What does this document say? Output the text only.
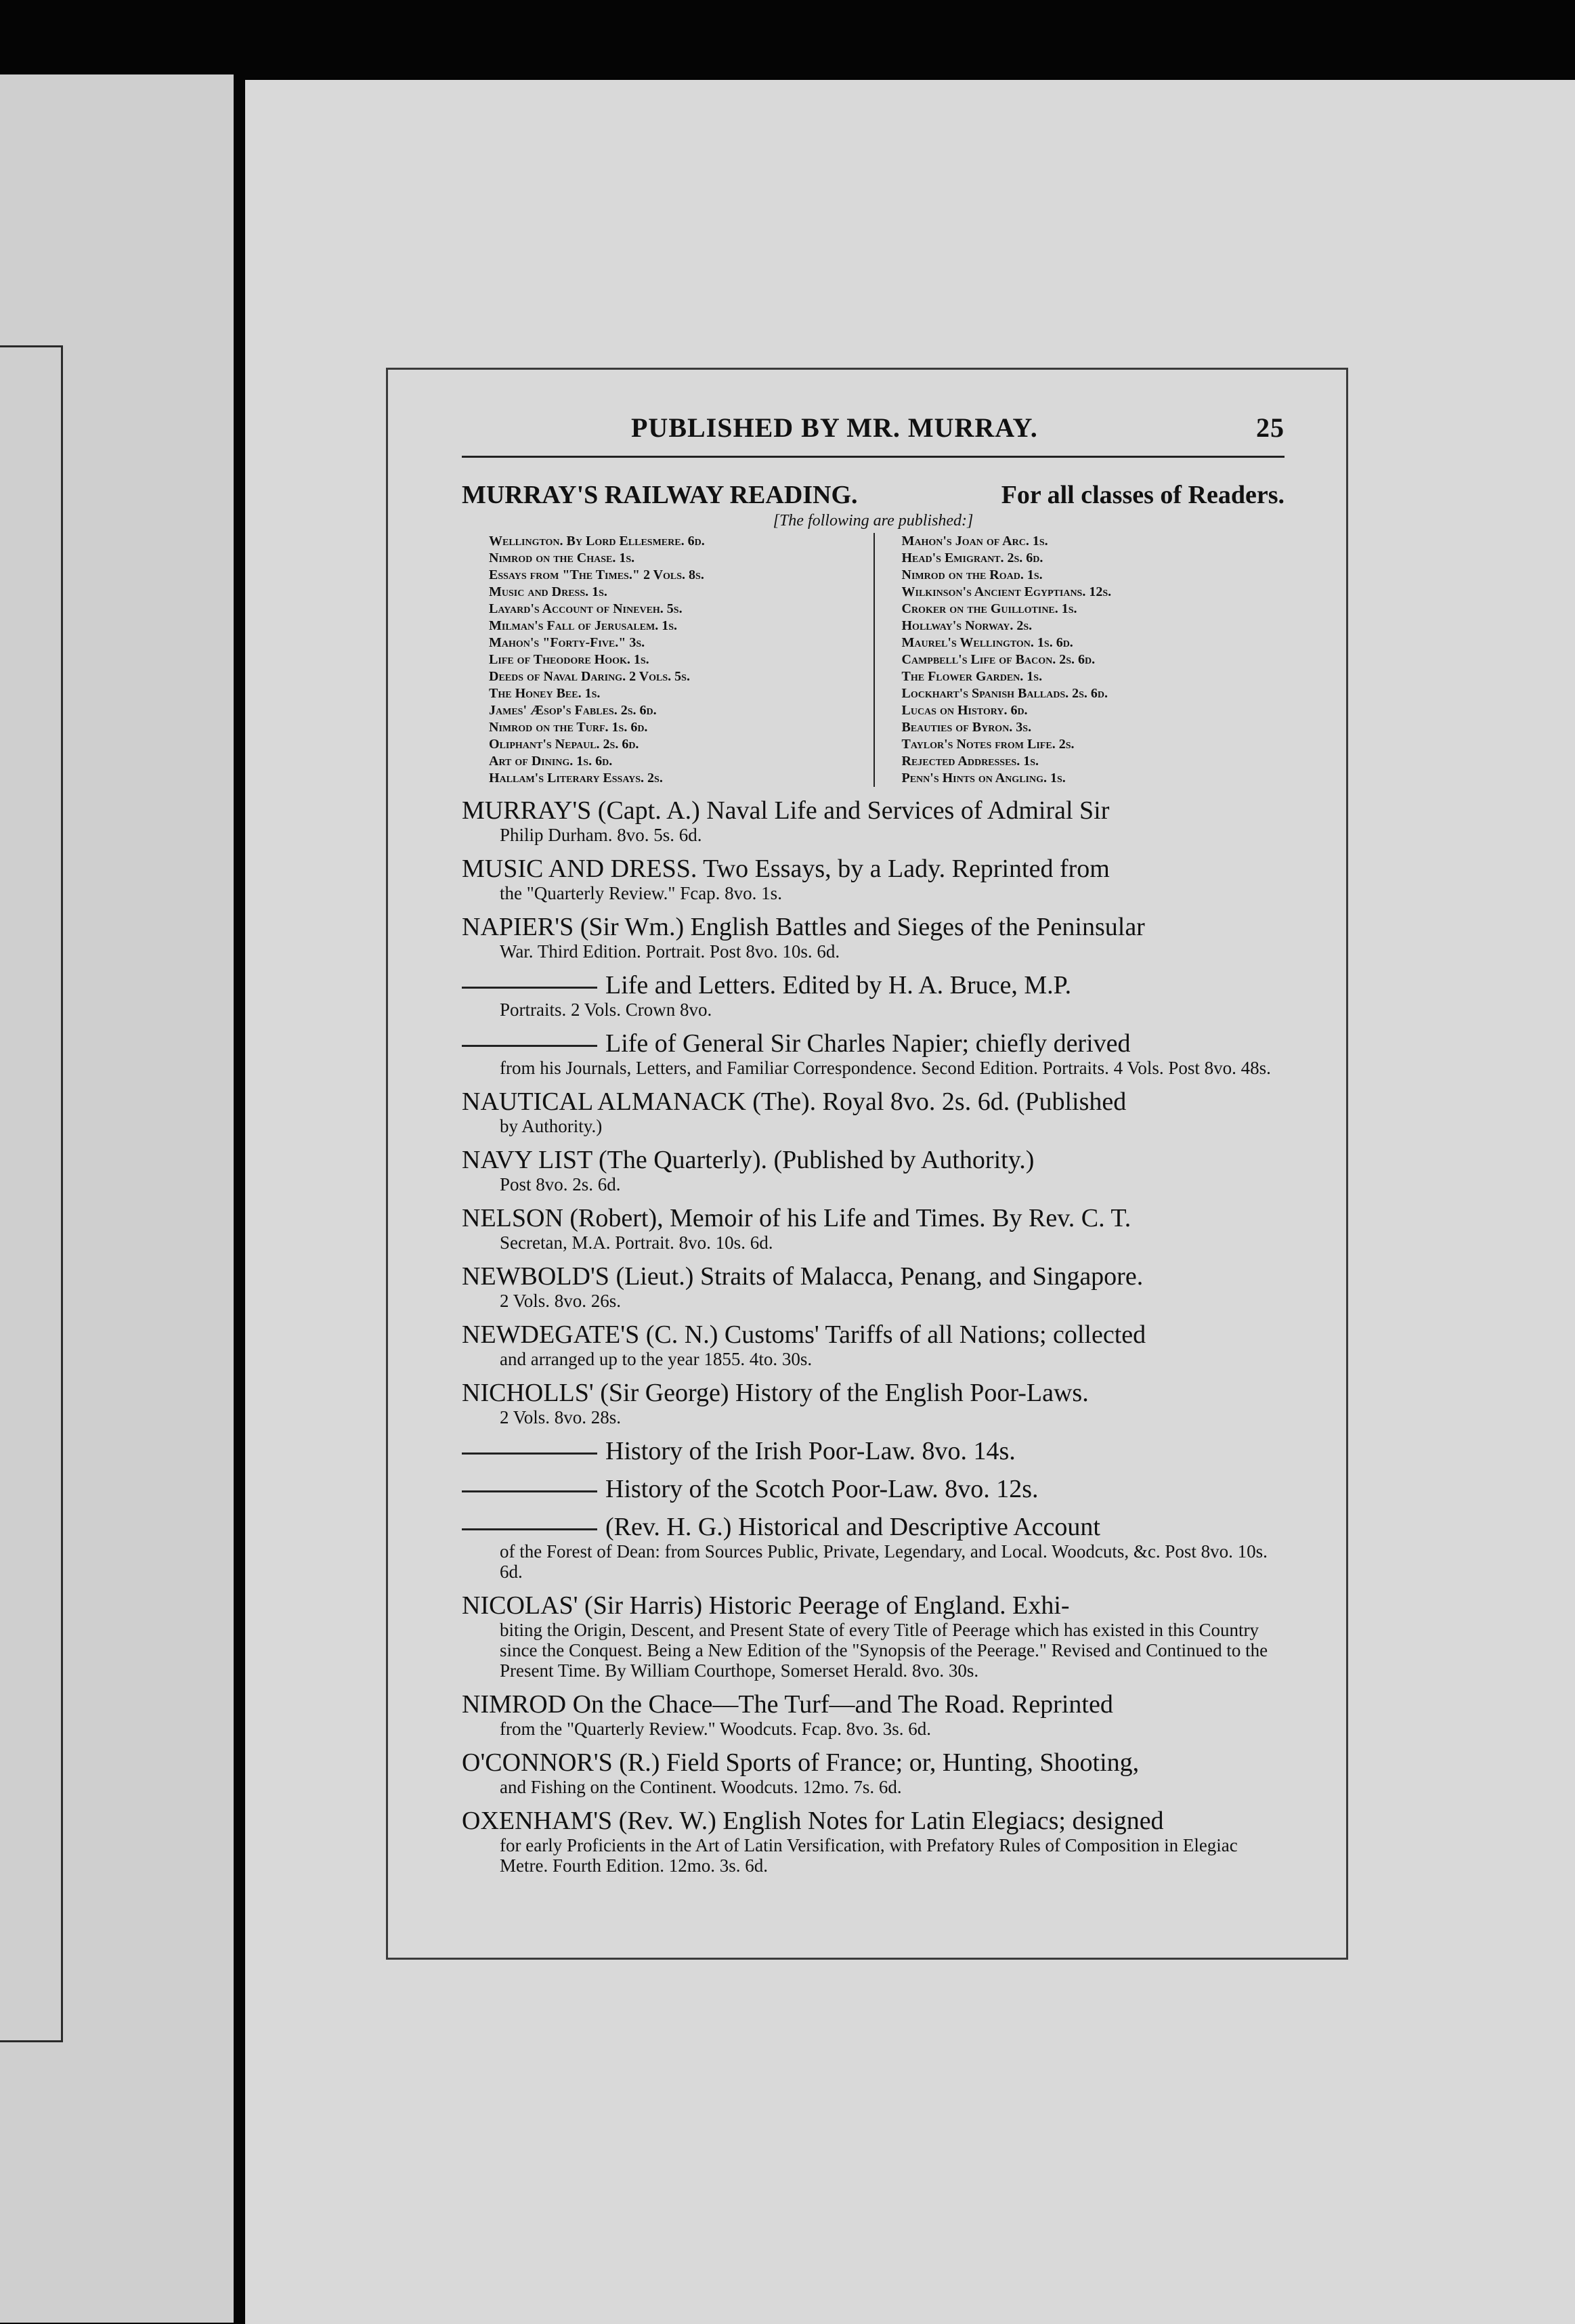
PUBLISHED BY MR. MURRAY.	25
MURRAY'S RAILWAY READING.	For all classes of Readers.
[The following are published:]
Wellington. By Lord Ellesmere. 6d.
Nimrod on the Chase. 1s.
Essays from "The Times." 2 Vols. 8s.
Music and Dress. 1s.
Layard's Account of Nineveh. 5s.
Milman's Fall of Jerusalem. 1s.
Mahon's "Forty-Five." 3s.
Life of Theodore Hook. 1s.
Deeds of Naval Daring. 2 Vols. 5s.
The Honey Bee. 1s.
James' Æsop's Fables. 2s. 6d.
Nimrod on the Turf. 1s. 6d.
Oliphant's Nepaul. 2s. 6d.
Art of Dining. 1s. 6d.
Hallam's Literary Essays. 2s.
Mahon's Joan of Arc. 1s.
Head's Emigrant. 2s. 6d.
Nimrod on the Road. 1s.
Wilkinson's Ancient Egyptians. 12s.
Croker on the Guillotine. 1s.
Hollway's Norway. 2s.
Maurel's Wellington. 1s. 6d.
Campbell's Life of Bacon. 2s. 6d.
The Flower Garden. 1s.
Lockhart's Spanish Ballads. 2s. 6d.
Lucas on History. 6d.
Beauties of Byron. 3s.
Taylor's Notes from Life. 2s.
Rejected Addresses. 1s.
Penn's Hints on Angling. 1s.
MURRAY'S (Capt. A.) Naval Life and Services of Admiral Sir
Philip Durham. 8vo. 5s. 6d.
MUSIC AND DRESS. Two Essays, by a Lady. Reprinted from
the "Quarterly Review." Fcap. 8vo. 1s.
NAPIER'S (Sir Wm.) English Battles and Sieges of the Peninsular
War. Third Edition. Portrait. Post 8vo. 10s. 6d.
Life and Letters. Edited by H. A. Bruce, M.P.
Portraits. 2 Vols. Crown 8vo.
Life of General Sir Charles Napier; chiefly derived
from his Journals, Letters, and Familiar Correspondence. Second Edition. Portraits. 4 Vols. Post 8vo. 48s.
NAUTICAL ALMANACK (The). Royal 8vo. 2s. 6d. (Published
by Authority.)
NAVY LIST (The Quarterly). (Published by Authority.)
Post 8vo. 2s. 6d.
NELSON (Robert), Memoir of his Life and Times. By Rev. C. T.
Secretan, M.A. Portrait. 8vo. 10s. 6d.
NEWBOLD'S (Lieut.) Straits of Malacca, Penang, and Singapore.
2 Vols. 8vo. 26s.
NEWDEGATE'S (C. N.) Customs' Tariffs of all Nations; collected
and arranged up to the year 1855. 4to. 30s.
NICHOLLS' (Sir George) History of the English Poor-Laws.
2 Vols. 8vo. 28s.
History of the Irish Poor-Law. 8vo. 14s.
History of the Scotch Poor-Law. 8vo. 12s.
(Rev. H. G.) Historical and Descriptive Account
of the Forest of Dean: from Sources Public, Private, Legendary, and Local. Woodcuts, &c. Post 8vo. 10s. 6d.
NICOLAS' (Sir Harris) Historic Peerage of England. Exhi-
biting the Origin, Descent, and Present State of every Title of Peerage which has existed in this Country since the Conquest. Being a New Edition of the "Synopsis of the Peerage." Revised and Continued to the Present Time. By William Courthope, Somerset Herald. 8vo. 30s.
NIMROD On the Chace—The Turf—and The Road. Reprinted
from the "Quarterly Review." Woodcuts. Fcap. 8vo. 3s. 6d.
O'CONNOR'S (R.) Field Sports of France; or, Hunting, Shooting,
and Fishing on the Continent. Woodcuts. 12mo. 7s. 6d.
OXENHAM'S (Rev. W.) English Notes for Latin Elegiacs; designed
for early Proficients in the Art of Latin Versification, with Prefatory Rules of Composition in Elegiac Metre. Fourth Edition. 12mo. 3s. 6d.
